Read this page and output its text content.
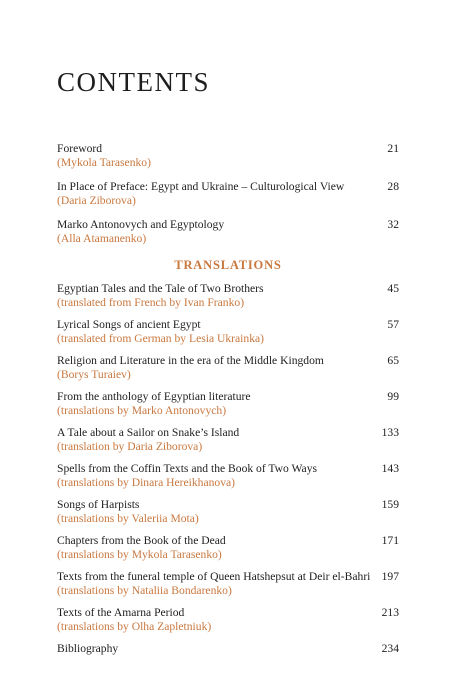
CONTENTS
Foreword	21
(Mykola Tarasenko)
In Place of Preface: Egypt and Ukraine – Culturological View	28
(Daria Ziborova)
Marko Antonovych and Egyptology	32
(Alla Atamanenko)
TRANSLATIONS
Egyptian Tales and the Tale of Two Brothers	45
(translated from French by Ivan Franko)
Lyrical Songs of ancient Egypt	57
(translated from German by Lesia Ukrainka)
Religion and Literature in the era of the Middle Kingdom	65
(Borys Turaiev)
From the anthology of Egyptian literature	99
(translations by Marko Antonovych)
A Tale about a Sailor on Snake’s Island	133
(translation by Daria Ziborova)
Spells from the Coffin Texts and the Book of Two Ways	143
(translations by Dinara Hereikhanova)
Songs of Harpists	159
(translations by Valeriia Mota)
Chapters from the Book of the Dead	171
(translations by Mykola Tarasenko)
Texts from the funeral temple of Queen Hatshepsut at Deir el-Bahri 197
(translations by Nataliia Bondarenko)
Texts of the Amarna Period	213
(translations by Olha Zapletniuk)
Bibliography	234
